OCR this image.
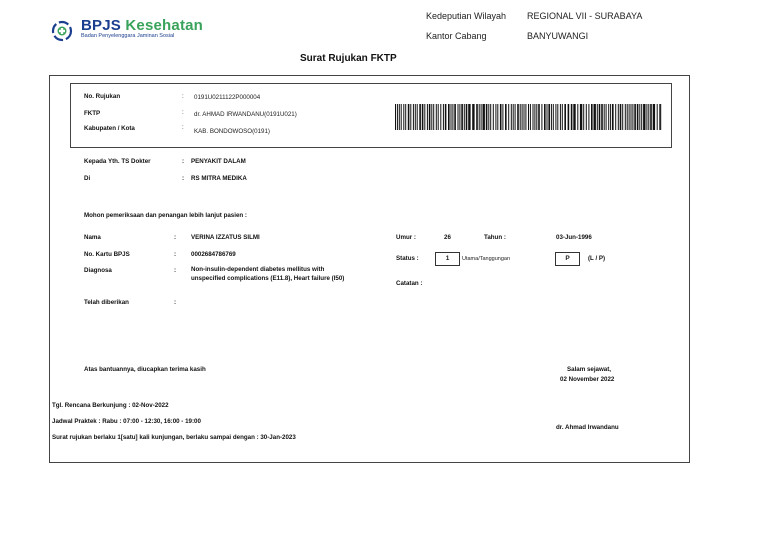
BPJS Kesehatan
Badan Penyelenggara Jaminan Sosial
Kedeputian Wilayah REGIONAL VII - SURABAYA
Kantor Cabang	BANYUWANGI
Surat Rujukan FKTP
No. Rujukan	: 0191U0211122P000004
FKTP	: dr. AHMAD IRWANDANU(0191U021)
Kabupaten / Kota	:
KAB. BONDOWOSO(0191)
Kepada Yth. TS Dokter	: PENYAKIT DALAM
Di	: RS MITRA MEDIKA
Mohon pemeriksaan dan penangan lebih lanjut pasien :
Nama	: VERINA IZZATUS SILMI
No. Kartu BPJS	: 0002684786769
Diagnosa	: Non-insulin-dependent diabetes mellitus with
unspecified complications (E11.8), Heart failure (I50)
Telah diberikan	:
Umur :	26	Tahun :	03-Jun-1996
Status :	1	Utama/Tanggungan	P	(L / P)
Catatan :
Atas bantuannya, diucapkan terima kasih	Salam sejawat,
02 November 2022
dr. Ahmad Irwandanu
Tgl. Rencana Berkunjung : 02-Nov-2022
Jadwal Praktek : Rabu : 07:00 - 12:30, 16:00 - 19:00
Surat rujukan berlaku 1[satu] kali kunjungan, berlaku sampai dengan : 30-Jan-2023
